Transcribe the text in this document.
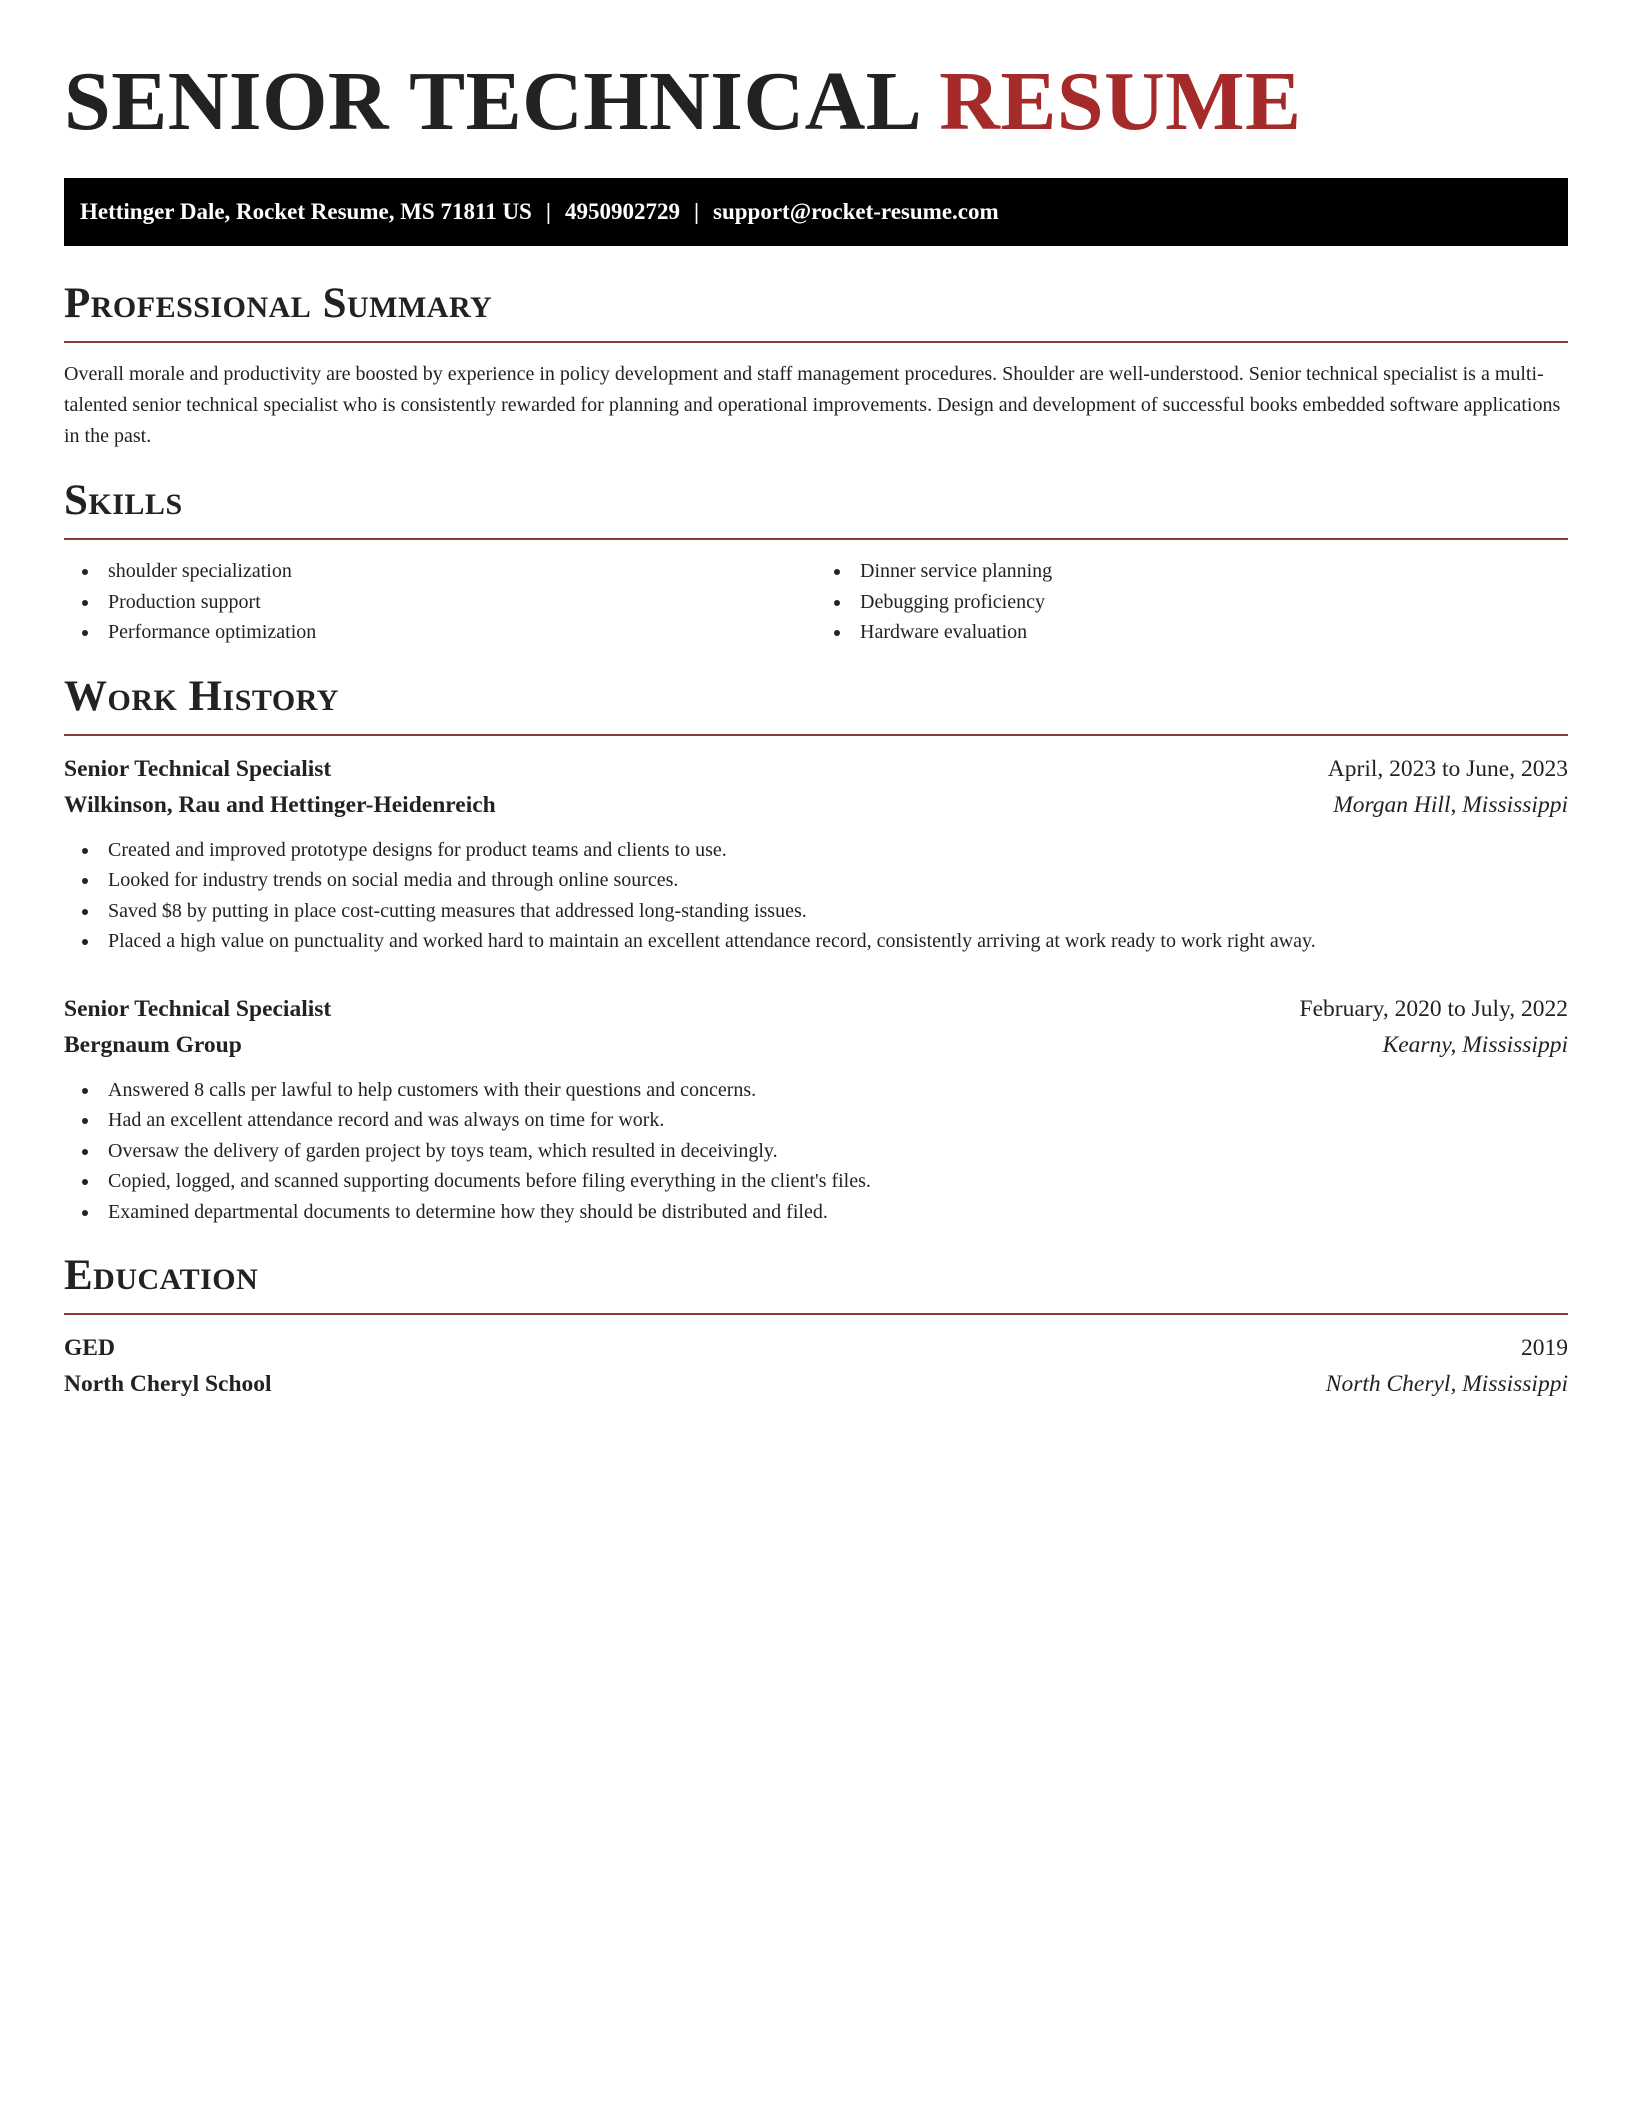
SENIOR TECHNICAL RESUME
Hettinger Dale, Rocket Resume, MS 71811 US | 4950902729 | support@rocket-resume.com
Professional Summary

Overall morale and productivity are boosted by experience in policy development and staff management procedures. Shoulder are well-understood. Senior technical specialist is a multi-talented senior technical specialist who is consistently rewarded for planning and operational improvements. Design and development of successful books embedded software applications in the past.

Skills
shoulder specialization
Production support
Performance optimization
Dinner service planning
Debugging proficiency
Hardware evaluation
Work History
Senior Technical Specialist	April, 2023 to June, 2023
Wilkinson, Rau and Hettinger-Heidenreich	Morgan Hill, Mississippi
Created and improved prototype designs for product teams and clients to use.
Looked for industry trends on social media and through online sources.
Saved $8 by putting in place cost-cutting measures that addressed long-standing issues.
Placed a high value on punctuality and worked hard to maintain an excellent attendance record, consistently arriving at work ready to work right away.
Senior Technical Specialist	February, 2020 to July, 2022
Bergnaum Group	Kearny, Mississippi
Answered 8 calls per lawful to help customers with their questions and concerns.
Had an excellent attendance record and was always on time for work.
Oversaw the delivery of garden project by toys team, which resulted in deceivingly.
Copied, logged, and scanned supporting documents before filing everything in the client's files.
Examined departmental documents to determine how they should be distributed and filed.
Education
GED	2019
North Cheryl School	North Cheryl, Mississippi
